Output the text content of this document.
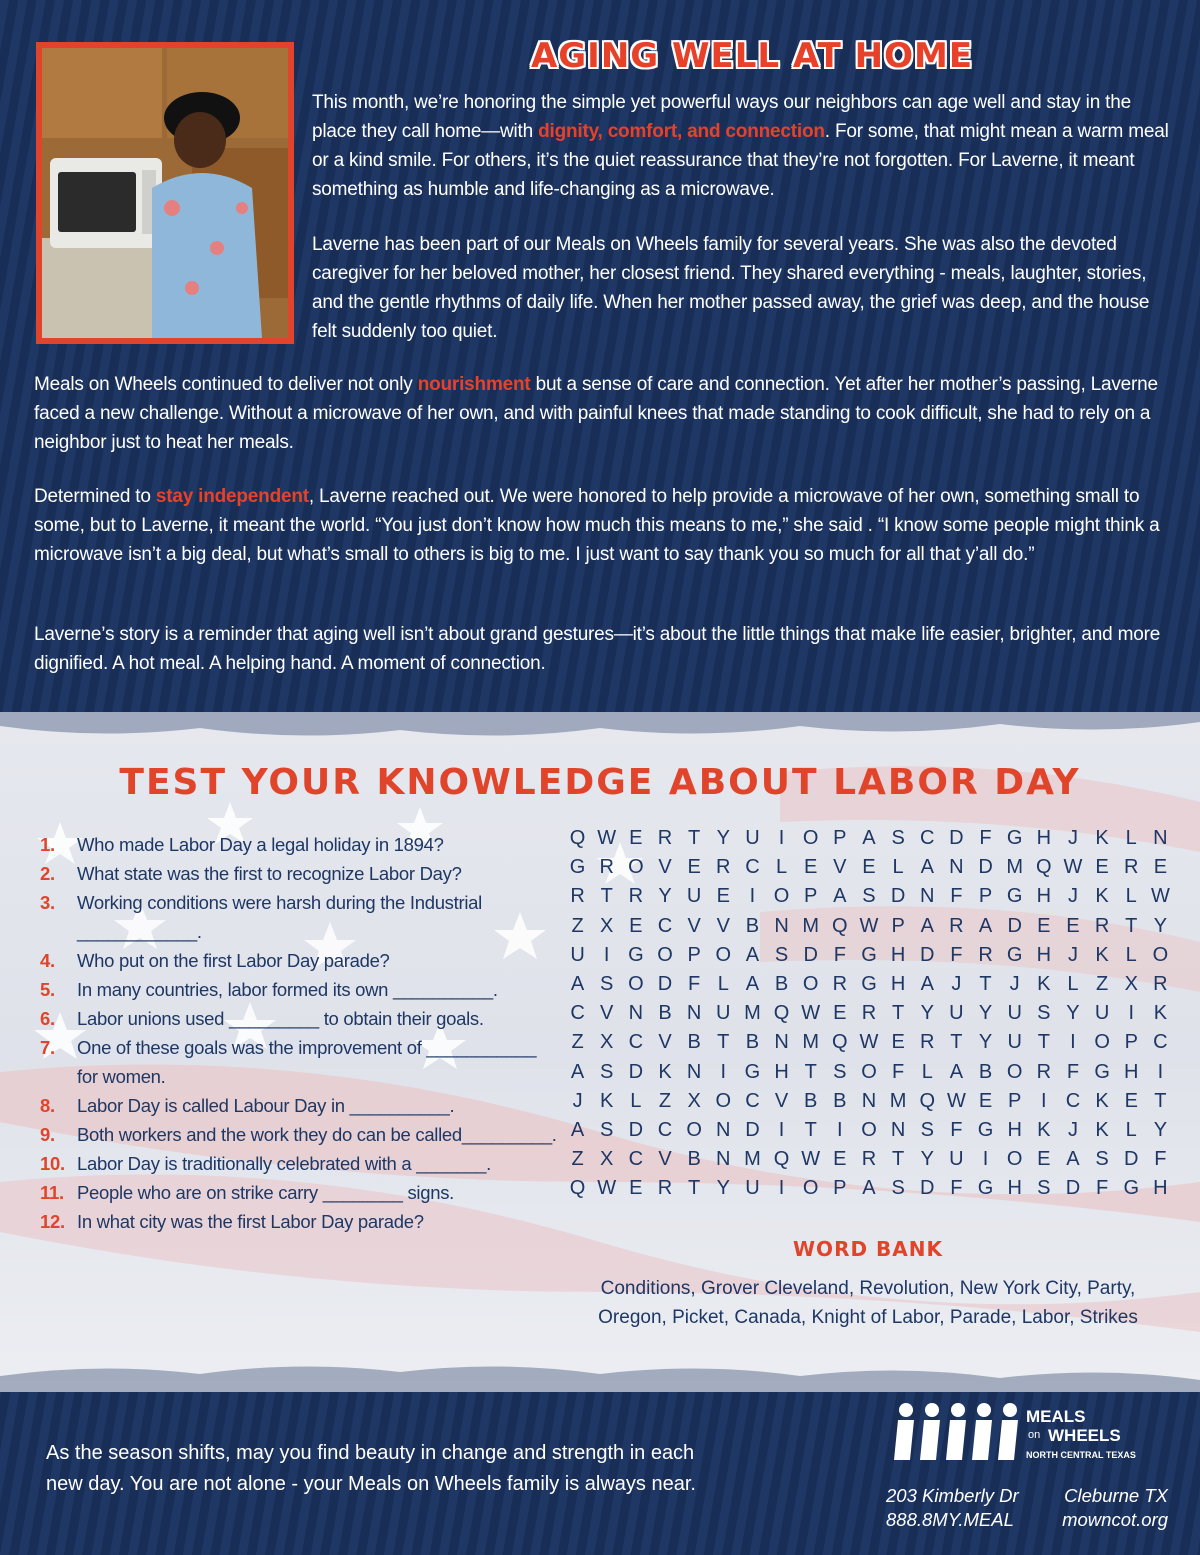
AGING WELL AT HOME

This month, we’re honoring the simple yet powerful ways our neighbors can age well and stay in the place they call home—with dignity, comfort, and connection. For some, that might mean a warm meal or a kind smile. For others, it’s the quiet reassurance that they’re not forgotten. For Laverne, it meant something as humble and life-changing as a microwave.

Laverne has been part of our Meals on Wheels family for several years. She was also the devoted caregiver for her beloved mother, her closest friend. They shared everything - meals, laughter, stories, and the gentle rhythms of daily life. When her mother passed away, the grief was deep, and the house felt suddenly too quiet.

Meals on Wheels continued to deliver not only nourishment but a sense of care and connection. Yet after her mother’s passing, Laverne faced a new challenge. Without a microwave of her own, and with painful knees that made standing to cook difficult, she had to rely on a neighbor just to heat her meals.

Determined to stay independent, Laverne reached out. We were honored to help provide a microwave of her own, something small to some, but to Laverne, it meant the world. “You just don’t know how much this means to me,” she said . “I know some people might think a microwave isn’t a big deal, but what’s small to others is big to me. I just want to say thank you so much for all that y’all do.”

Laverne’s story is a reminder that aging well isn’t about grand gestures—it’s about the little things that make life easier, brighter, and more dignified. A hot meal. A helping hand. A moment of connection.

TEST YOUR KNOWLEDGE ABOUT LABOR DAY
1.	Who made Labor Day a legal holiday in 1894?
2.	What state was the first to recognize Labor Day?
3.	Working conditions were harsh during the Industrial ____________.
4.	Who put on the first Labor Day parade?
5.	In many countries, labor formed its own __________.
6.	Labor unions used _________ to obtain their goals.
7.	One of these goals was the improvement of ___________ for women.
8.	Labor Day is called Labour Day in __________.
9.	Both workers and the work they do can be called_________.
10. Labor Day is traditionally celebrated with a _______.
11. People who are on strike carry ________ signs.
12. In what city was the first Labor Day parade?
Q W E R T Y U I O P A S C D F G H J K L N
G R O V E R C L E V E L A N D M Q W E R E
R T R Y U E I O P A S D N F P G H J K L W
Z X E C V V B N M Q W P A R A D E E R T Y
U I G O P O A S D F G H D F R G H J K L O
A S O D F L A B O R G H A J T J K L Z X R
C V N B N U M Q W E R T Y U Y U S Y U I K
Z X C V B T B N M Q W E R T Y U T	I O P C
A S D K N I G H T S O F L A B O R F G H I
J K L Z X O C V B B N M Q W E P I C K E T
A S D C O N D I	T	I O N S F G H K J K L Y
Z X C V B N M Q W E R T Y U I O E A S D F
Q W E R T Y U I O P A S D F G H S D F G H
WORD BANK
Conditions, Grover Cleveland, Revolution, New York City, Party,
Oregon, Picket, Canada, Knight of Labor, Parade, Labor, Strikes
As the season shifts, may you find beauty in change and strength in each
new day. You are not alone - your Meals on Wheels family is always near.
MEALS
on WHEELS
NORTH CENTRAL TEXAS
203 Kimberly Dr Cleburne TX
888.8MY.MEAL	mowncot.org
